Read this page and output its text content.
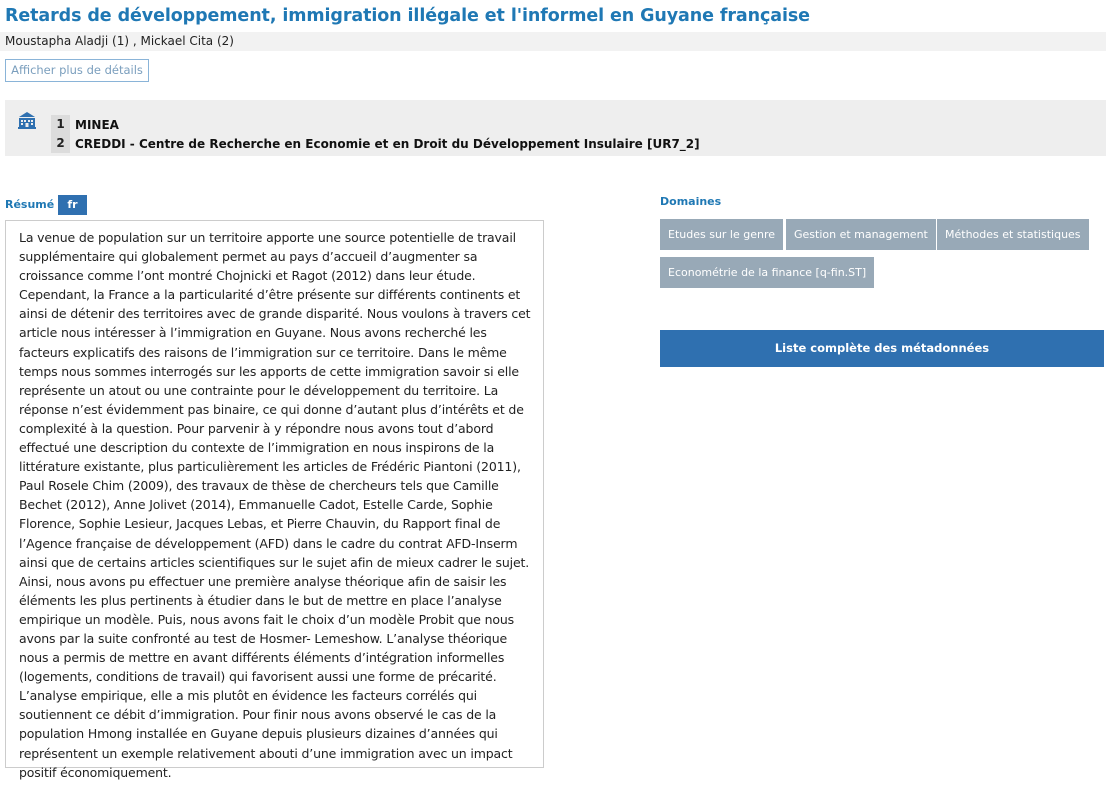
Retards de développement, immigration illégale et l'informel en Guyane française
Moustapha Aladji (1) , Mickael Cita (2)
Afficher plus de détails
1 MINEA
2 CREDDI - Centre de Recherche en Economie et en Droit du Développement Insulaire [UR7_2]
Résumé	fr
La venue de population sur un territoire apporte une source potentielle de travail supplémentaire qui globalement permet au pays d’accueil d’augmenter sa croissance comme l’ont montré Chojnicki et Ragot (2012) dans leur étude. Cependant, la France a la particularité d’être présente sur différents continents et ainsi de détenir des territoires avec de grande disparité. Nous voulons à travers cet article nous intéresser à l’immigration en Guyane. Nous avons recherché les facteurs explicatifs des raisons de l’immigration sur ce territoire. Dans le même temps nous sommes interrogés sur les apports de cette immigration savoir si elle représente un atout ou une contrainte pour le développement du territoire. La réponse n’est évidemment pas binaire, ce qui donne d’autant plus d’intérêts et de complexité à la question. Pour parvenir à y répondre nous avons tout d’abord effectué une description du contexte de l’immigration en nous inspirons de la littérature existante, plus particulièrement les articles de Frédéric Piantoni (2011), Paul Rosele Chim (2009), des travaux de thèse de chercheurs tels que Camille Bechet (2012), Anne Jolivet (2014), Emmanuelle Cadot, Estelle Carde, Sophie Florence, Sophie Lesieur, Jacques Lebas, et Pierre Chauvin, du Rapport final de l’Agence française de développement (AFD) dans le cadre du contrat AFD-Inserm ainsi que de certains articles scientifiques sur le sujet afin de mieux cadrer le sujet. Ainsi, nous avons pu effectuer une première analyse théorique afin de saisir les éléments les plus pertinents à étudier dans le but de mettre en place l’analyse empirique un modèle. Puis, nous avons fait le choix d’un modèle Probit que nous avons par la suite confronté au test de Hosmer- Lemeshow. L’analyse théorique nous a permis de mettre en avant différents éléments d’intégration informelles (logements, conditions de travail) qui favorisent aussi une forme de précarité. L’analyse empirique, elle a mis plutôt en évidence les facteurs corrélés qui soutiennent ce débit d’immigration. Pour finir nous avons observé le cas de la population Hmong installée en Guyane depuis plusieurs dizaines d’années qui représentent un exemple relativement abouti d’une immigration avec un impact positif économiquement.
Domaines
Etudes sur le genre	Gestion et management	Méthodes et statistiques
Econométrie de la finance [q-fin.ST]
Liste complète des métadonnées
